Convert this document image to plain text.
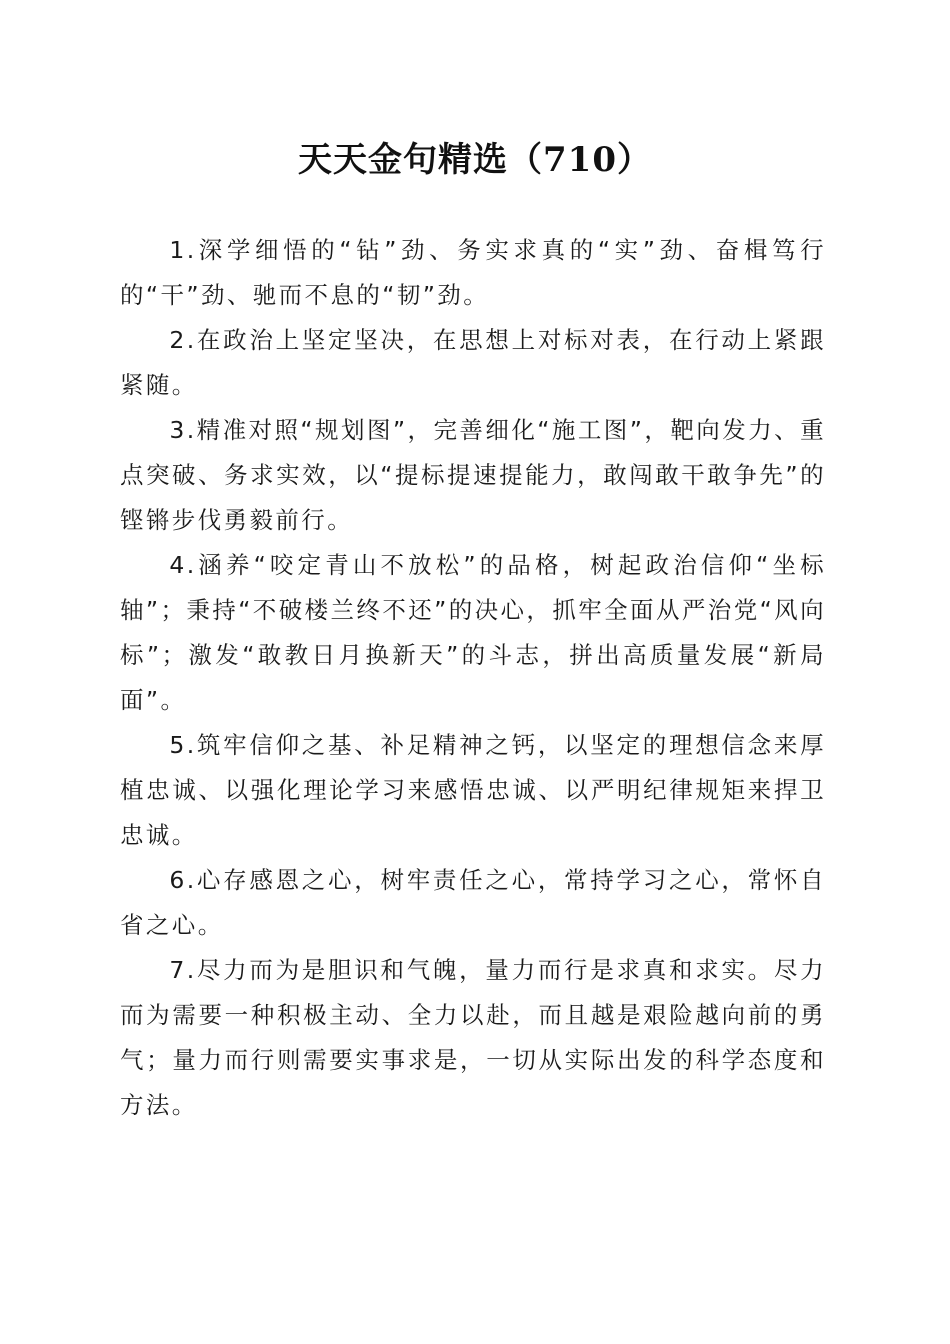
天天金句精选（710）

1.深学细悟的“钻”劲、务实求真的“实”劲、奋楫笃行的“干”劲、驰而不息的“韧”劲。

2.在政治上坚定坚决，在思想上对标对表，在行动上紧跟紧随。

3.精准对照“规划图”，完善细化“施工图”，靶向发力、重点突破、务求实效，以“提标提速提能力，敢闯敢干敢争先”的铿锵步伐勇毅前行。

4.涵养“咬定青山不放松”的品格，树起政治信仰“坐标轴”；秉持“不破楼兰终不还”的决心，抓牢全面从严治党“风向标”；激发“敢教日月换新天”的斗志，拼出高质量发展“新局面”。

5.筑牢信仰之基、补足精神之钙，以坚定的理想信念来厚植忠诚、以强化理论学习来感悟忠诚、以严明纪律规矩来捍卫忠诚。

6.心存感恩之心，树牢责任之心，常持学习之心，常怀自省之心。

7.尽力而为是胆识和气魄，量力而行是求真和求实。尽力而为需要一种积极主动、全力以赴，而且越是艰险越向前的勇气；量力而行则需要实事求是，一切从实际出发的科学态度和方法。
